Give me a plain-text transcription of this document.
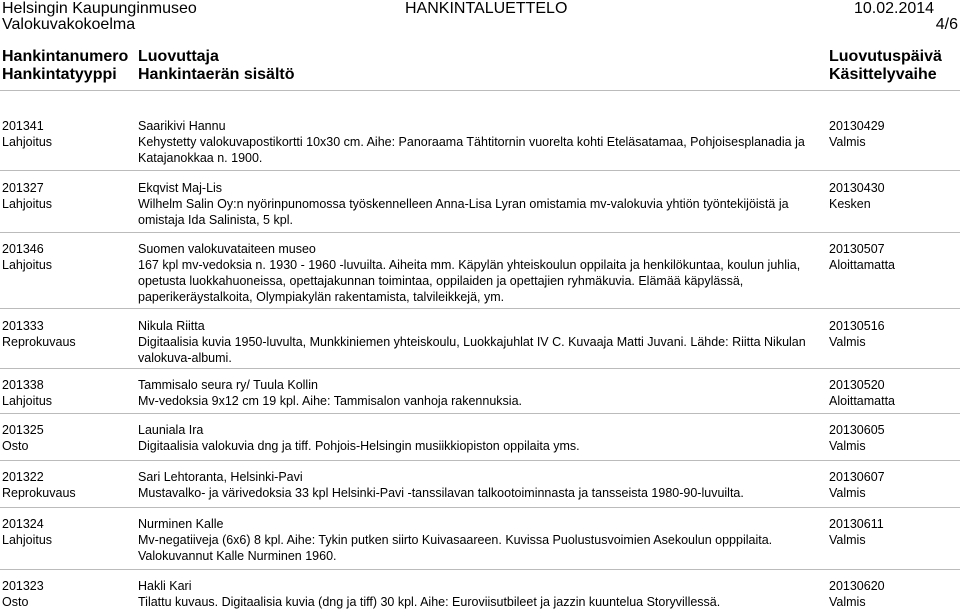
Helsingin Kaupunginmuseo
Valokuvakokoelma
HANKINTALUETTELO	10.02.2014
4/6
Hankintanumero
Hankintatyyppi
Luovuttaja
Hankintaerän sisältö
Luovutuspäivä
Käsittelyvaihe
201341
Lahjoitus
Saarikivi Hannu
Kehystetty valokuvapostikortti 10x30 cm. Aihe: Panoraama Tähtitornin vuorelta kohti Eteläsatamaa, Pohjoisesplanadia ja Katajanokkaa n. 1900.
20130429
Valmis
201327
Lahjoitus
Ekqvist Maj-Lis
Wilhelm Salin Oy:n nyörinpunomossa työskennelleen Anna-Lisa Lyran omistamia mv-valokuvia yhtiön työntekijöistä ja omistaja Ida Salinista, 5 kpl.
20130430
Kesken
201346
Lahjoitus
Suomen valokuvataiteen museo
167 kpl mv-vedoksia n. 1930 - 1960 -luvuilta. Aiheita mm. Käpylän yhteiskoulun oppilaita ja henkilökuntaa, koulun juhlia, opetusta luokkahuoneissa, opettajakunnan toimintaa, oppilaiden ja opettajien ryhmäkuvia. Elämää käpylässä, paperikeräystalkoita, Olympiakylän rakentamista, talvileikkejä, ym.
20130507
Aloittamatta
201333
Reprokuvaus
Nikula Riitta
Digitaalisia kuvia 1950-luvulta, Munkkiniemen yhteiskoulu, Luokkajuhlat IV C. Kuvaaja Matti Juvani. Lähde: Riitta Nikulan valokuva-albumi.
20130516
Valmis
201338
Lahjoitus
Tammisalo seura ry/ Tuula Kollin
Mv-vedoksia 9x12 cm 19 kpl. Aihe: Tammisalon vanhoja rakennuksia.
20130520
Aloittamatta
201325
Osto
Launiala Ira
Digitaalisia valokuvia dng ja tiff. Pohjois-Helsingin musiikkiopiston oppilaita yms.
20130605
Valmis
201322
Reprokuvaus
Sari Lehtoranta, Helsinki-Pavi
Mustavalko- ja värivedoksia 33 kpl Helsinki-Pavi -tanssilavan talkootoiminnasta ja tansseista 1980-90-luvuilta.
20130607
Valmis
201324
Lahjoitus
Nurminen Kalle
Mv-negatiiveja (6x6) 8 kpl. Aihe: Tykin putken siirto Kuivasaareen. Kuvissa Puolustusvoimien Asekoulun opppilaita. Valokuvannut Kalle Nurminen 1960.
20130611
Valmis
201323
Osto
Hakli Kari
Tilattu kuvaus. Digitaalisia kuvia (dng ja tiff) 30 kpl. Aihe: Euroviisutbileet ja jazzin kuuntelua Storyvillessä.
20130620
Valmis
